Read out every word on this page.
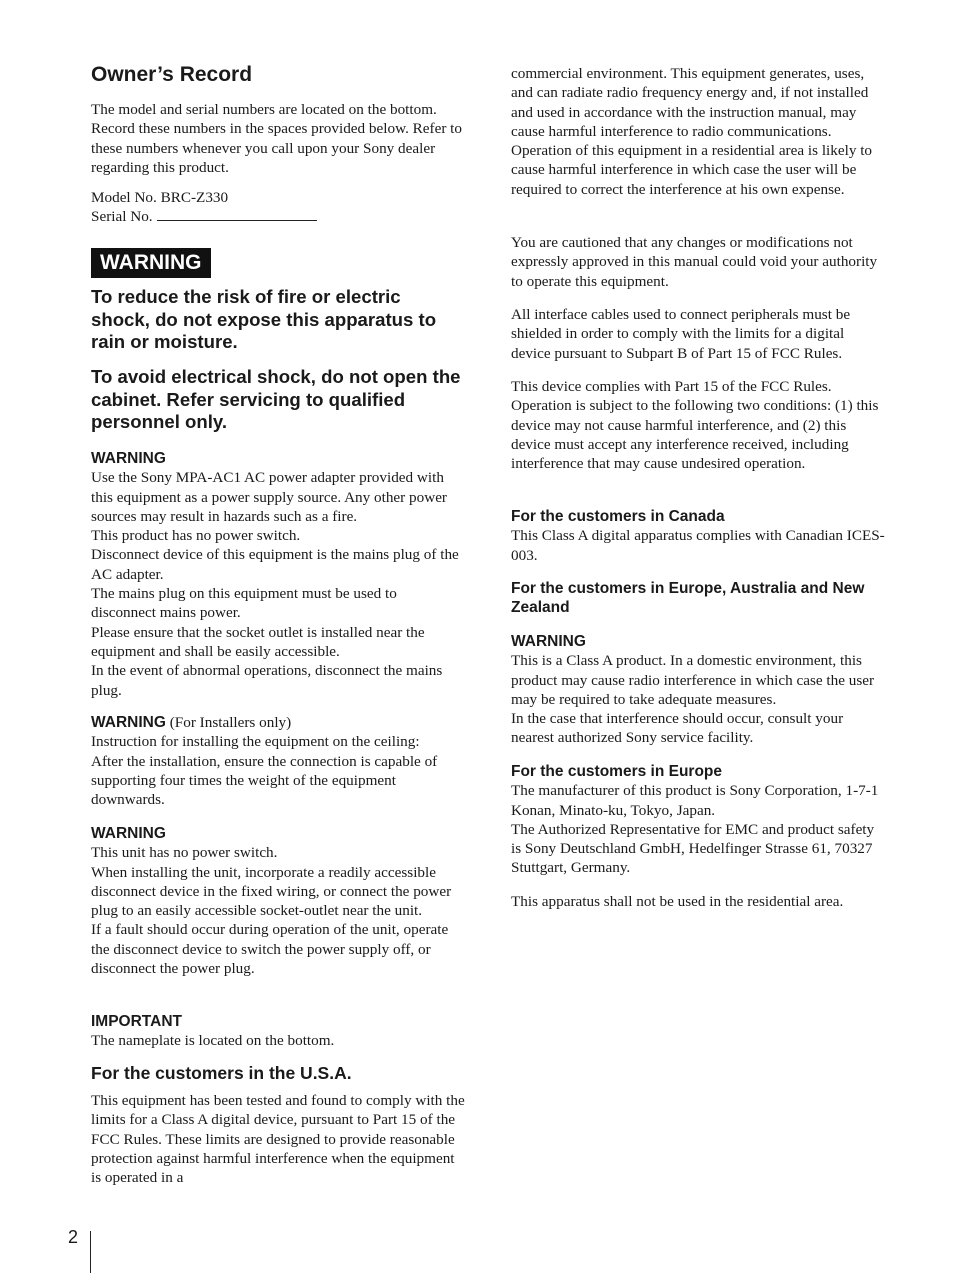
Owner’s Record

The model and serial numbers are located on the bottom. Record these numbers in the spaces provided below. Refer to these numbers whenever you call upon your Sony dealer regarding this product.

Model No. BRC-Z330

Serial No.

WARNING

To reduce the risk of fire or electric shock, do not expose this apparatus to rain or moisture.

To avoid electrical shock, do not open the cabinet. Refer servicing to qualified personnel only.

WARNING

Use the Sony MPA-AC1 AC power adapter provided with this equipment as a power supply source. Any other power sources may result in hazards such as a fire.

This product has no power switch.

Disconnect device of this equipment is the mains plug of the AC adapter.

The mains plug on this equipment must be used to disconnect mains power.

Please ensure that the socket outlet is installed near the equipment and shall be easily accessible.

In the event of abnormal operations, disconnect the mains plug.

WARNING (For Installers only)

Instruction for installing the equipment on the ceiling:

After the installation, ensure the connection is capable of supporting four times the weight of the equipment downwards.

WARNING

This unit has no power switch.

When installing the unit, incorporate a readily accessible disconnect device in the fixed wiring, or connect the power plug to an easily accessible socket-outlet near the unit.

If a fault should occur during operation of the unit, operate the disconnect device to switch the power supply off, or disconnect the power plug.

IMPORTANT

The nameplate is located on the bottom.

For the customers in the U.S.A.

This equipment has been tested and found to comply with the limits for a Class A digital device, pursuant to Part 15 of the FCC Rules. These limits are designed to provide reasonable protection against harmful interference when the equipment is operated in a

commercial environment. This equipment generates, uses, and can radiate radio frequency energy and, if not installed and used in accordance with the instruction manual, may cause harmful interference to radio communications. Operation of this equipment in a residential area is likely to cause harmful interference in which case the user will be required to correct the interference at his own expense.

You are cautioned that any changes or modifications not expressly approved in this manual could void your authority to operate this equipment.

All interface cables used to connect peripherals must be shielded in order to comply with the limits for a digital device pursuant to Subpart B of Part 15 of FCC Rules.

This device complies with Part 15 of the FCC Rules. Operation is subject to the following two conditions: (1) this device may not cause harmful interference, and (2) this device must accept any interference received, including interference that may cause undesired operation.

For the customers in Canada

This Class A digital apparatus complies with Canadian ICES-003.

For the customers in Europe, Australia and New Zealand

WARNING

This is a Class A product. In a domestic environment, this product may cause radio interference in which case the user may be required to take adequate measures.

In the case that interference should occur, consult your nearest authorized Sony service facility.

For the customers in Europe

The manufacturer of this product is Sony Corporation, 1-7-1 Konan, Minato-ku, Tokyo, Japan.

The Authorized Representative for EMC and product safety is Sony Deutschland GmbH, Hedelfinger Strasse 61, 70327 Stuttgart, Germany.

This apparatus shall not be used in the residential area.

2
